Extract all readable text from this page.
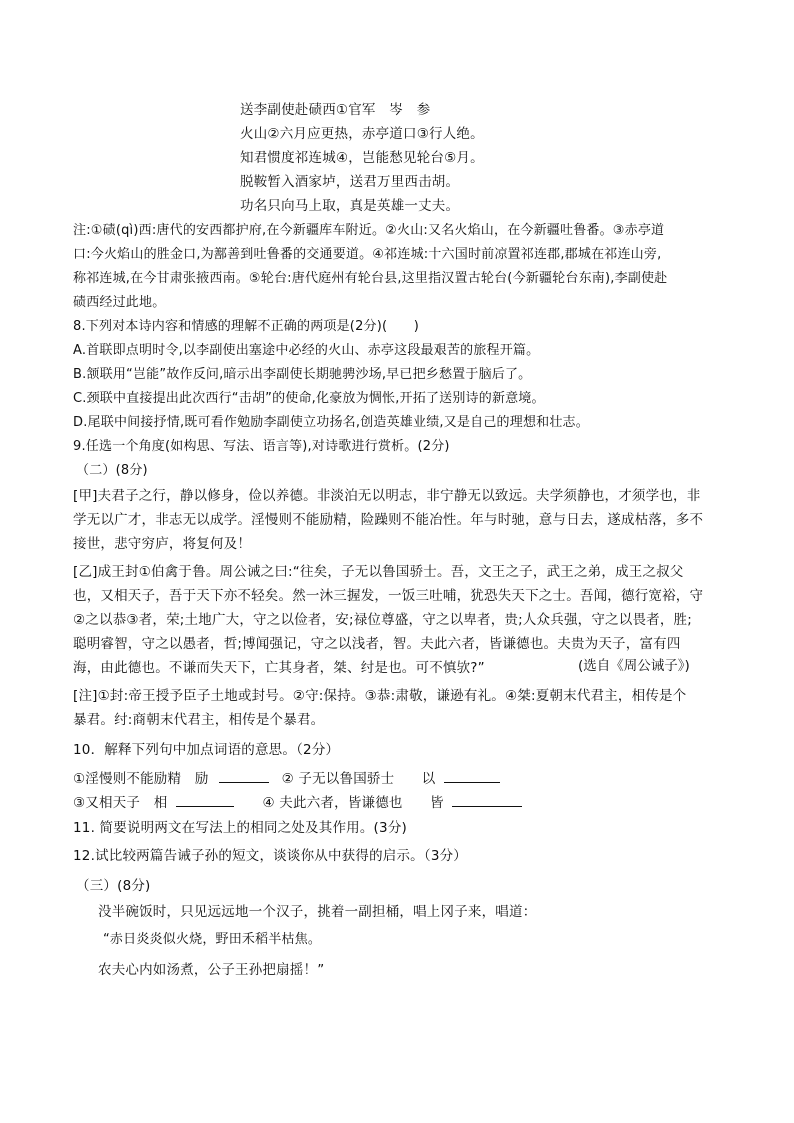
送李副使赴碛西①官军　岑　参
火山②六月应更热，赤亭道口③行人绝。
知君惯度祁连城④，岂能愁见轮台⑤月。
脱鞍暂入酒家垆，送君万里西击胡。
功名只向马上取，真是英雄一丈夫。
注:①碛(qì)西:唐代的安西都护府,在今新疆库车附近。②火山:又名火焰山，在今新疆吐鲁番。③赤亭道
口:今火焰山的胜金口,为鄯善到吐鲁番的交通要道。④祁连城:十六国时前凉置祁连郡,郡城在祁连山旁,
称祁连城,在今甘肃张掖西南。⑤轮台:唐代庭州有轮台县,这里指汉置古轮台(今新疆轮台东南),李副使赴
碛西经过此地。
8.下列对本诗内容和情感的理解不正确的两项是(2分)(　　)
A.首联即点明时令,以李副使出塞途中必经的火山、赤亭这段最艰苦的旅程开篇。
B.颔联用“岂能”故作反问,暗示出李副使长期驰骋沙场,早已把乡愁置于脑后了。
C.颈联中直接提出此次西行“击胡”的使命,化豪放为惆怅,开拓了送别诗的新意境。
D.尾联中间接抒情,既可看作勉励李副使立功扬名,创造英雄业绩,又是自己的理想和壮志。
9.任选一个角度(如构思、写法、语言等),对诗歌进行赏析。(2分)
（二）(8分)
[甲]夫君子之行，静以修身，俭以养德。非淡泊无以明志，非宁静无以致远。夫学须静也，才须学也，非
学无以广才，非志无以成学。淫慢则不能励精，险躁则不能冶性。年与时驰，意与日去，遂成枯落，多不
接世，悲守穷庐，将复何及！
[乙]成王封①伯禽于鲁。周公诫之曰:“往矣，子无以鲁国骄士。吾，文王之子，武王之弟，成王之叔父
也，又相天子，吾于天下亦不轻矣。然一沐三握发，一饭三吐哺，犹恐失天下之士。吾闻，德行宽裕，守
②之以恭③者，荣;土地广大，守之以俭者，安;禄位尊盛，守之以卑者，贵;人众兵强，守之以畏者，胜;
聪明睿智，守之以愚者，哲;博闻强记，守之以浅者，智。夫此六者，皆谦德也。夫贵为天子，富有四
海，由此德也。不谦而失天下，亡其身者，桀、纣是也。可不慎欤?”	(选自《周公诫子》)
[注]①封:帝王授予臣子土地或封号。②守:保持。③恭:肃敬，谦逊有礼。④桀:夏朝末代君主，相传是个
暴君。纣:商朝末代君主，相传是个暴君。
10．解释下列句中加点词语的意思。（2分）
①淫慢则不能励精　励	② 子无以鲁国骄士　　以
③又相天子　相	④ 夫此六者，皆谦德也　　皆
11. 简要说明两文在写法上的相同之处及其作用。(3分)
12.试比较两篇告诫子孙的短文，谈谈你从中获得的启示。（3分）
（三）(8分)
没半碗饭时，只见远远地一个汉子，挑着一副担桶，唱上冈子来，唱道：
“赤日炎炎似火烧，野田禾稻半枯焦。
农夫心内如汤煮，公子王孙把扇摇！”
